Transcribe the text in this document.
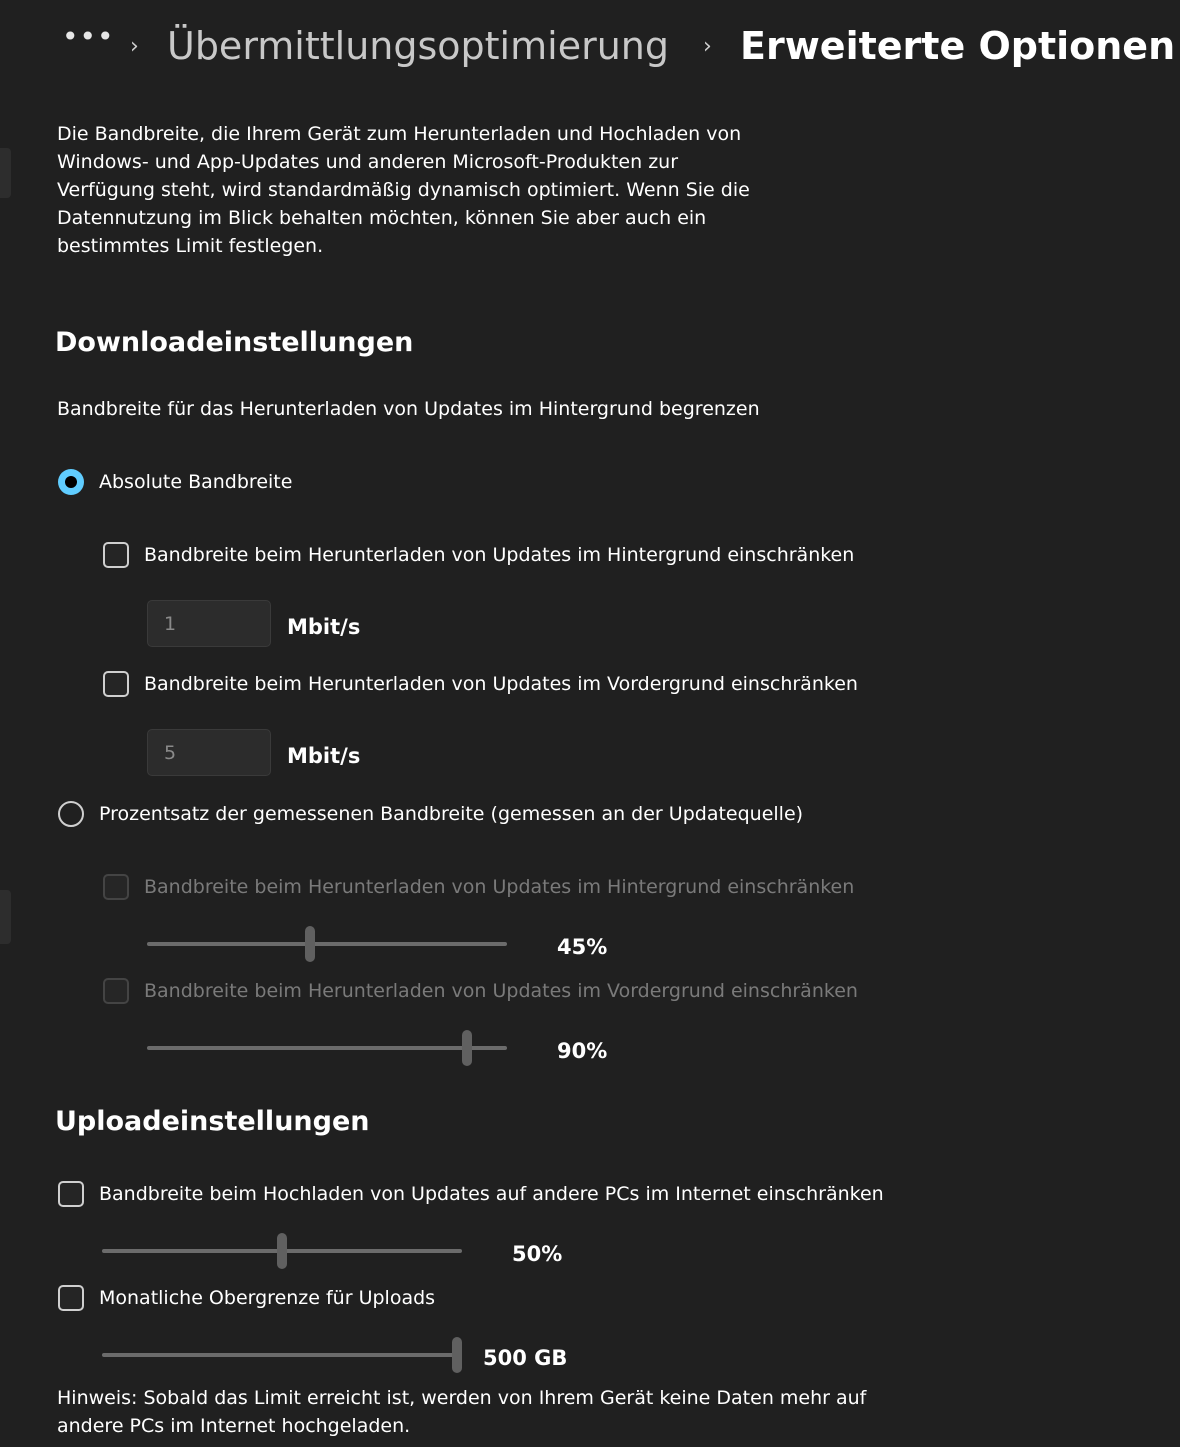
••• › Übermittlungsoptimierung › Erweiterte Optionen
Die Bandbreite, die Ihrem Gerät zum Herunterladen und Hochladen von Windows- und App-Updates und anderen Microsoft-Produkten zur Verfügung steht, wird standardmäßig dynamisch optimiert. Wenn Sie die Datennutzung im Blick behalten möchten, können Sie aber auch ein bestimmtes Limit festlegen.
Downloadeinstellungen
Bandbreite für das Herunterladen von Updates im Hintergrund begrenzen
Absolute Bandbreite
Bandbreite beim Herunterladen von Updates im Hintergrund einschränken
1	Mbit/s
Bandbreite beim Herunterladen von Updates im Vordergrund einschränken
5	Mbit/s
Prozentsatz der gemessenen Bandbreite (gemessen an der Updatequelle)
Bandbreite beim Herunterladen von Updates im Hintergrund einschränken
45%
Bandbreite beim Herunterladen von Updates im Vordergrund einschränken
90%
Uploadeinstellungen
Bandbreite beim Hochladen von Updates auf andere PCs im Internet einschränken
50%
Monatliche Obergrenze für Uploads
500 GB
Hinweis: Sobald das Limit erreicht ist, werden von Ihrem Gerät keine Daten mehr auf andere PCs im Internet hochgeladen.
